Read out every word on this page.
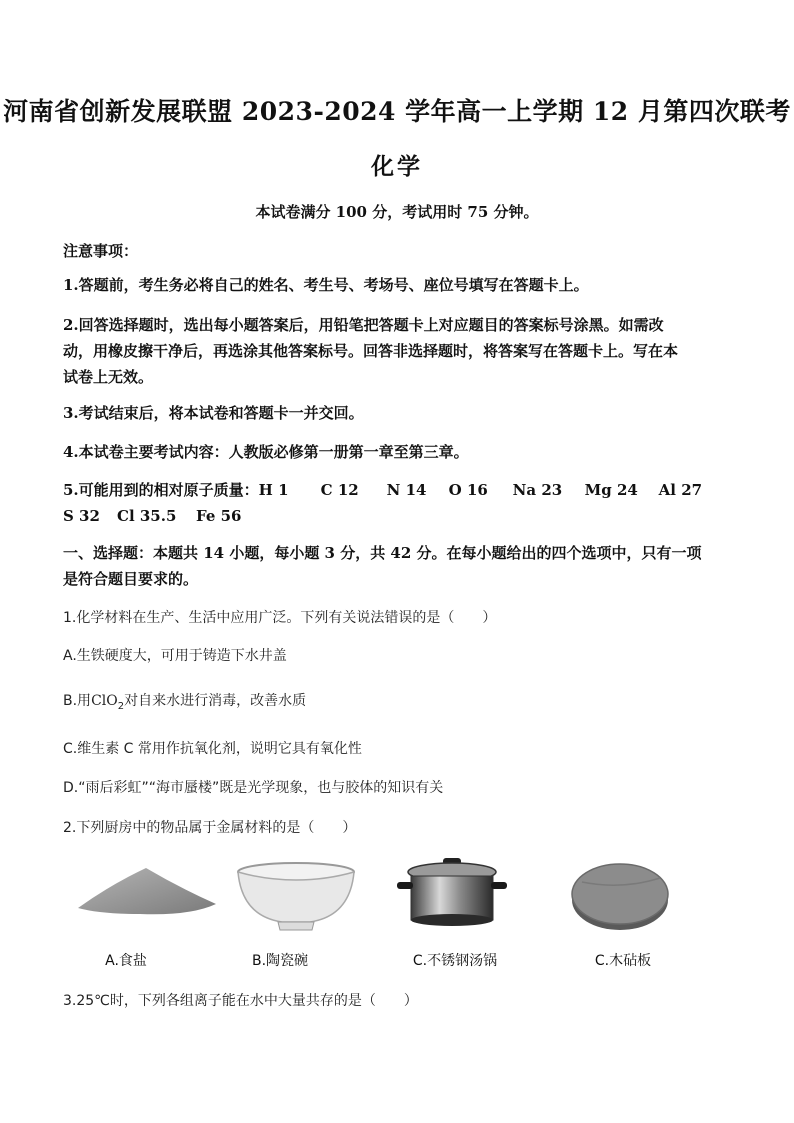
河南省创新发展联盟 2023-2024 学年高一上学期 12 月第四次联考
化学
本试卷满分 100 分，考试用时 75 分钟。
注意事项：
1.答题前，考生务必将自己的姓名、考生号、考场号、座位号填写在答题卡上。
2.回答选择题时，选出每小题答案后，用铅笔把答题卡上对应题目的答案标号涂黑。如需改
动，用橡皮擦干净后，再选涂其他答案标号。回答非选择题时，将答案写在答题卡上。写在本
试卷上无效。
3.考试结束后，将本试卷和答题卡一并交回。
4.本试卷主要考试内容：人教版必修第一册第一章至第三章。
5.可能用到的相对原子质量： H 1	C 12	N 14	O 16	Na 23	Mg 24	Al 27
S 32	Cl 35.5	Fe 56
一、选择题：本题共 14 小题，每小题 3 分，共 42 分。在每小题给出的四个选项中，只有一项
是符合题目要求的。
1.化学材料在生产、生活中应用广泛。下列有关说法错误的是（　　）
A.生铁硬度大，可用于铸造下水井盖
B.用ClO$_2$对自来水进行消毒，改善水质
C.维生素 C 常用作抗氧化剂，说明它具有氧化性
D.“雨后彩虹”“海市蜃楼”既是光学现象，也与胶体的知识有关
2.下列厨房中的物品属于金属材料的是（　　）
A.食盐	B.陶瓷碗	C.不锈钢汤锅	C.木砧板
3.25℃时，下列各组离子能在水中大量共存的是（　　）
